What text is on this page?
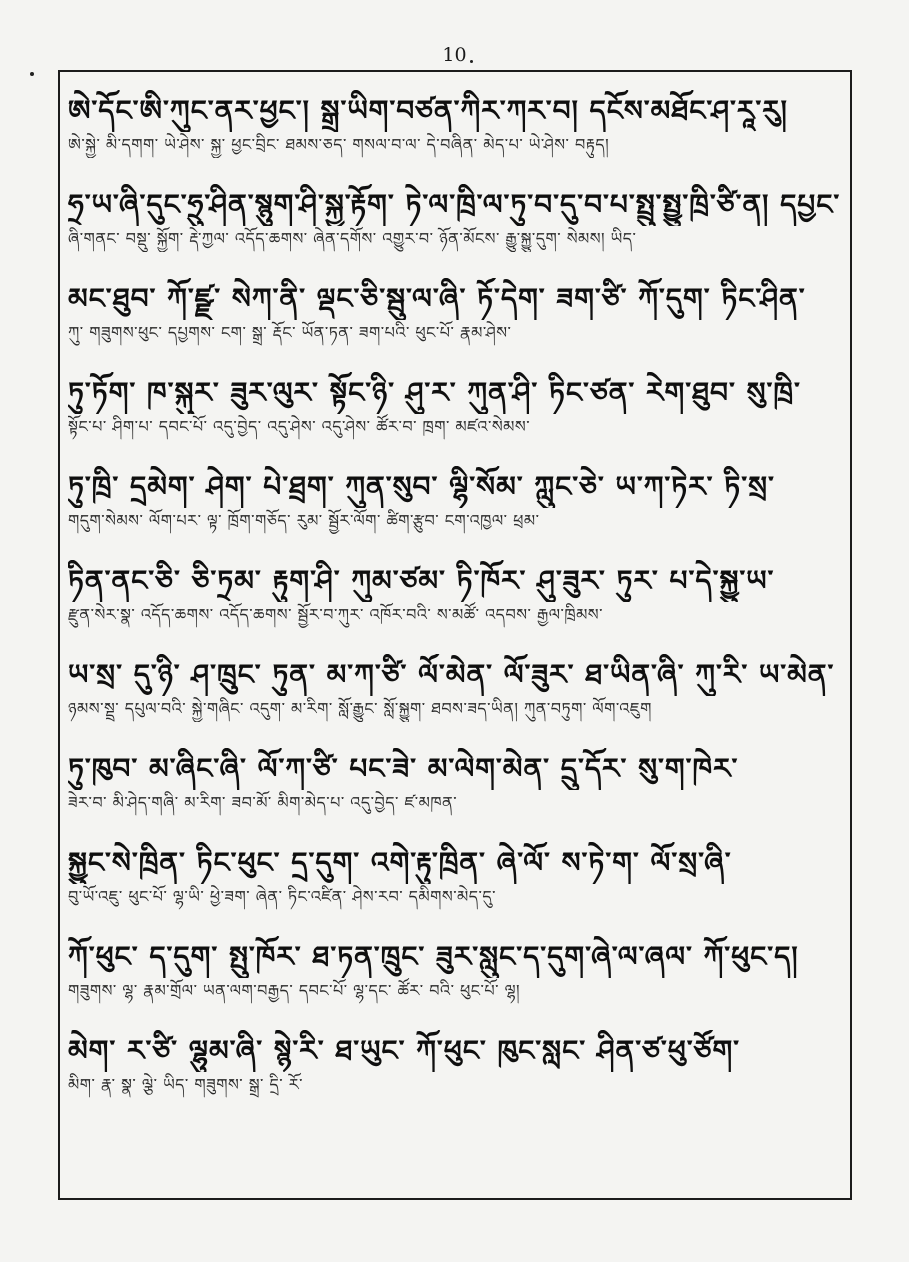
10
ཨེ་དོང་ཨི་ཀུང་ནར་ཕྱང་། སྒྲ་ཡིག་བཙན་ཀིར་ཀར་བ། དངོས་མཐོང་ཤ་རཱ་རུ།
ཨེ་སྐྱེ་ མི་དགག་ ཡེ་ཤེས་ སྐྱ་ ཕྱང་བྲིང་ ཐམས་ཅད་ གསལ་བ་ལ་ དེ་བཞིན་ མེད་པ་ ཡེ་ཤེས་ བརྟུད།
ཧྲ་ཡ་ཞི་དུང་ཧྲུ་ཤིན་སྙུག་ཤི་སྐྱ་རྟོག་ ཏེ་ལ་ཁྲི་ལ་ཏུ་བ་དུ་བ་པ་སྤྲུ་སྤྱུ་ཁྲི་ཙི་ན། དཔྱང་
ཞི་གནང་ བསྡུ་ སྐྱོག་ རྡེ་ཀྱལ་ འདོད་ཆགས་ ཞེན་དགོས་ འགྱུར་བ་ ཉོན་མོངས་ རྒྱུ་སྐྱུ་དུག་ སེམས། ཡིད་
མང་ཐུབ་ ཀོ་ཛྫ་ སེཀ་ནི་ ལྡང་ཅི་སྦུ་ལ་ཞི་ ཏོ་དེག་ ཟག་ཙི་ ཀོ་དུག་ ཏིང་ཤིན་
ཀུ་ གཟུགས་ཕུང་ དཔྱགས་ ངག་ སྒྲ་ རྡོང་ ཡོན་ཏན་ ཟག་པའི་ ཕུང་པོ་ རྣམ་ཤེས་
ཏུ་ཏོག་ ཁ་སྐུར་ ཟུར་ལུར་ སྟོང་ཉི་ ཤུ་ར་ ཀུན་ཤི་ ཏིང་ཙན་ རེག་ཐུབ་ སུ་ཁྲི་
སྟོང་པ་ ཤིག་པ་ དབང་པོ་ འདུ་བྱེད་ འདུ་ཤེས་ འདུ་ཤེས་ ཚོར་བ་ ཁྲག་ མཛའ་སེམས་
ཏུ་ཁྲི་ དྲམེག་ ཤེག་ པེ་ཐྲག་ ཀུན་སུབ་ ལྷི་སོམ་ ཀླུང་ཅེ་ ཡ་ཀ་ཏེར་ ཏི་སྲ་
གདུག་སེམས་ ལོག་པར་ ལྟ་ ཁྲོག་གཅོད་ རུམ་ སྦྱོར་ལོག་ ཚིག་རྩུབ་ ངག་འཁྱལ་ ཕྲམ་
ཏིན་ནང་ཅི་ ཅི་ཏྲམ་ རྟུག་ཤི་ ཀུམ་ཙམ་ ཏི་ཁོར་ ཤུ་ཟུར་ ཏུར་ པ་དེ་སྐྱུ་ཡ་
རྫུན་སེར་སྣ་ འདོད་ཆགས་ འདོད་ཆགས་ སྦྱོར་བ་ཀུར་ འཁོར་བའི་ ས་མཚོ་ འདབས་ རྒྱལ་ཁྲིམས་
ཡ་སྲ་ དུ་ཉི་ ཤ་ཁྲུང་ ཏུན་ མ་ཀ་ཙི་ ལོ་མེན་ ལོ་ཟུར་ ཐ་ཡིན་ཞི་ ཀུ་རི་ ཡ་མེན་
ཉམས་སྡྲ་ དཔུལ་བའི་ སྐྱེ་གཞིང་ འདུག་ མ་རིག་ སློ་རྒྱུང་ སློ་སྐྱུག་ ཐབས་ཟད་ཡིན། ཀུན་བཏུག་ ལོག་འཇུག
ཏུ་ཁུབ་ མ་ཞིང་ཞི་ ལོ་ཀ་ཙི་ པང་ཟེ་ མ་ལེག་མེན་ དྲུ་དོར་ སུ་ག་ཁེར་
ཟེར་བ་ མི་ཤེད་གཞི་ མ་རིག་ ཟབ་མོ་ མིག་མེད་པ་ འདུ་བྱེད་ ཛ་མཁན་
སྐྱུང་སེ་ཁྲིན་ ཏིང་ཕུང་ དྲ་དུག་ འགེ་རྟུ་ཁྲིན་ ཞེ་ལོ་ ས་ཏེ་ག་ ལོ་སྲ་ཞི་
བུ་ཡོ་འཇུ་ ཕུང་པོ་ ལྷ་ཡི་ ཕྱེ་ཟག་ ཞེན་ ཏིང་འཛིན་ ཤེས་རབ་ དམིགས་མེད་དུ་
ཀོ་ཕུང་ ད་དུག་ སྤུ་ཁོར་ ཐ་ཏན་ཁྲུང་ ཟུར་སླུང་ད་དུག་ཞེ་ལ་ཞལ་ ཀོ་ཕུང་ད།
གཟུགས་ ལྷ་ རྣམ་གྲོལ་ ཡན་ལག་བརྒྱད་ དབང་པོ་ ལྷ་དང་ ཚོར་ བའི་ ཕུང་པོ་ ལྷ།
མེག་ ར་ཙི་ ལྷུམ་ཞི་ སྙེ་རི་ ཐ་ཡུང་ ཀོ་ཕུང་ ཁུང་སླང་ ཤིན་ཙ་ཕུ་ཙོག་
མིག་ རྣ་ སྣ་ ལྕེ་ ཡིད་ གཟུགས་ སྒྲ་ དྲི་ རོ་
